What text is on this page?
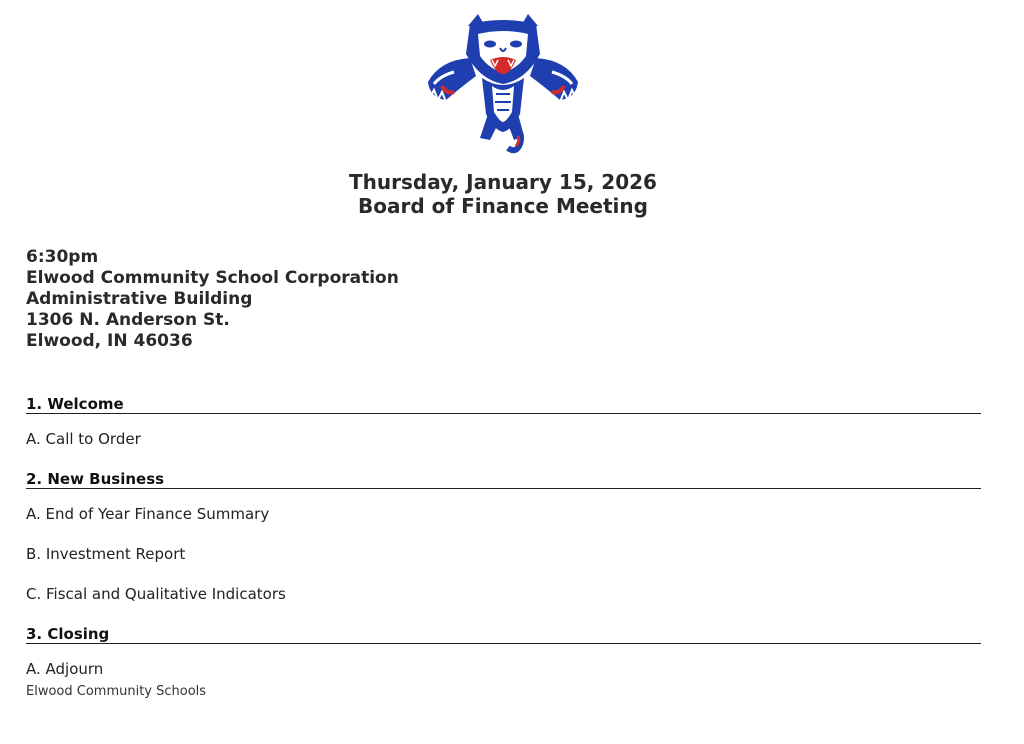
Thursday, January 15, 2026
Board of Finance Meeting
6:30pm
Elwood Community School Corporation
Administrative Building
1306 N. Anderson St.
Elwood, IN 46036
1. Welcome
A. Call to Order
2. New Business
A. End of Year Finance Summary
B. Investment Report
C. Fiscal and Qualitative Indicators
3. Closing
A. Adjourn
Elwood Community Schools
